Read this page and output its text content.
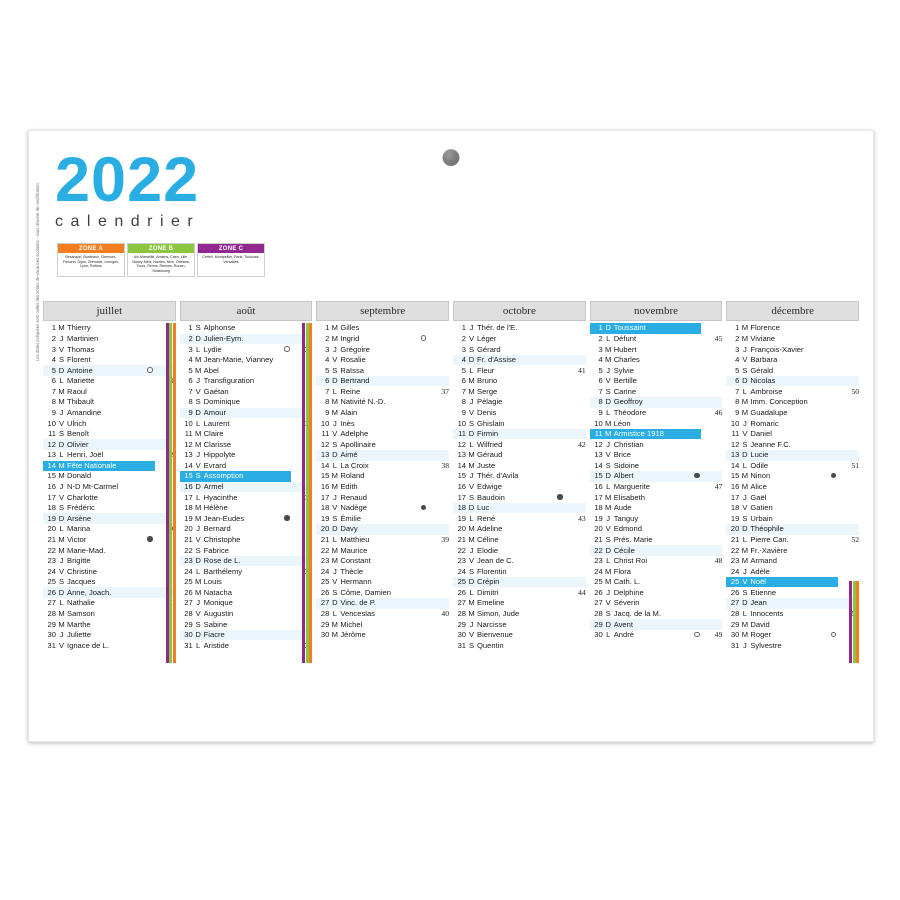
2022
calendrier
ZONE A
Besançon, Bordeaux, Clermont-Ferrand, Dijon, Grenoble, Limoges, Lyon, Poitiers
ZONE B
Aix-Marseille, Amiens, Caen, Lille, Nancy-Metz, Nantes, Nice, Orléans-Tours, Reims, Rennes, Rouen, Strasbourg
ZONE C
Créteil, Montpellier, Paris, Toulouse, Versailles
Les dates indiquées sont celles des zones de vacances scolaires - sous réserve de modification	juillet
1	M	Thierry		
2	J	Martinien		
3	V	Thomas		
4	S	Florent		
5	D	Antoine		
6	L	Mariette		
7	M	Raoul		
8	M	Thibault		
9	J	Amandine		
10	V	Ulrich		
11	S	Benoît		
12	D	Olivier		
13	L	Henri, Joël		
14	M	Fête Nationale		
15	M	Donald		
16	J	N-D Mt-Carmel		
17	V	Charlotte		
18	S	Frédéric		
19	D	Arsène		
20	L	Marina		
21	M	Victor		
22	M	Marie-Mad.		
23	J	Brigitte		
24	V	Christine		
25	S	Jacques		
26	D	Anne, Joach.		
27	L	Nathalie		
28	M	Samson		
29	M	Marthe		
30	J	Juliette		
31	V	Ignace de L.		
août
1	S	Alphonse		
2	D	Julien-Eym.		
3	L	Lydie		
4	M	Jean-Marie, Vianney		
5	M	Abel		
6	J	Transfiguration		
7	V	Gaétan		
8	S	Dominique		
9	D	Amour		
10	L	Laurent		
11	M	Claire		
12	M	Clarisse		
13	J	Hippolyte		
14	V	Evrard		
15	S	Assomption		
16	D	Armel		
17	L	Hyacinthe		
18	M	Hélène		
19	M	Jean-Eudes		
20	J	Bernard		
21	V	Christophe		
22	S	Fabrice		
23	D	Rose de L.		
24	L	Barthélemy		
25	M	Louis		
26	M	Natacha		
27	J	Monique		
28	V	Augustin		
29	S	Sabine		
30	D	Fiacre		
31	L	Aristide		
septembre
1	M	Gilles		
2	M	Ingrid		
3	J	Grégoire		
4	V	Rosalie		
5	S	Raïssa		
6	D	Bertrand		
7	L	Reine		37
8	M	Nativité N.-D.		
9	M	Alain		
10	J	Inès		
11	V	Adelphe		
12	S	Apollinaire		
13	D	Aimé		
14	L	La Croix		38
15	M	Roland		
16	M	Edith		
17	J	Renaud		
18	V	Nadège		
19	S	Émilie		
20	D	Davy		
21	L	Matthieu		39
22	M	Maurice		
23	M	Constant		
24	J	Thècle		
25	V	Hermann		
26	S	Côme, Damien		
27	D	Vinc. de P.		
28	L	Venceslas		40
29	M	Michel		
30	M	Jérôme		
octobre
1	J	Thér. de l'E.		
2	V	Léger		
3	S	Gérard		
4	D	Fr. d'Assise		
5	L	Fleur		41
6	M	Bruno		
7	M	Serge		
8	J	Pélagie		
9	V	Denis		
10	S	Ghislain		
11	D	Firmin		
12	L	Wilfried		42
13	M	Géraud		
14	M	Juste		
15	J	Thér. d'Avila		
16	V	Edwige		
17	S	Baudoin		
18	D	Luc		
19	L	René		43
20	M	Adeline		
21	M	Céline		
22	J	Elodie		
23	V	Jean de C.		
24	S	Florentin		
25	D	Crépin		
26	L	Dimitri		44
27	M	Emeline		
28	M	Simon, Jude		
29	J	Narcisse		
30	V	Bienvenue		
31	S	Quentin		
novembre
1	D	Toussaint		
2	L	Défunt		45
3	M	Hubert		
4	M	Charles		
5	J	Sylvie		
6	V	Bertille		
7	S	Carine		
8	D	Geoffroy		
9	L	Théodore		46
10	M	Léon		
11	M	Armistice 1918		
12	J	Christian		
13	V	Brice		
14	S	Sidoine		
15	D	Albert		
16	L	Marguerite		47
17	M	Elisabeth		
18	M	Aude		
19	J	Tanguy		
20	V	Edmond		
21	S	Prés. Marie		
22	D	Cécile		
23	L	Christ Roi		48
24	M	Flora		
25	M	Cath. L.		
26	J	Delphine		
27	V	Séverin		
28	S	Jacq. de la M.		
29	D	Avent		
30	L	André		49
décembre
1	M	Florence		
2	M	Viviane		
3	J	François-Xavier		
4	V	Barbara		
5	S	Gérald		
6	D	Nicolas		
7	L	Ambroise		50
8	M	Imm. Conception		
9	M	Guadalupe		
10	J	Romaric		
11	V	Daniel		
12	S	Jeanne F.C.		
13	D	Lucie		
14	L	Odile		51
15	M	Ninon		
16	M	Alice		
17	J	Gaël		
18	V	Gatien		
19	S	Urbain		
20	D	Théophile		
21	L	Pierre Can.		52
22	M	Fr.-Xavière		
23	M	Armand		
24	J	Adèle		
25	V	Noël		
26	S	Etienne		
27	D	Jean		
28	L	Innocents		
29	M	David		
30	M	Roger		
31	J	Sylvestre		
